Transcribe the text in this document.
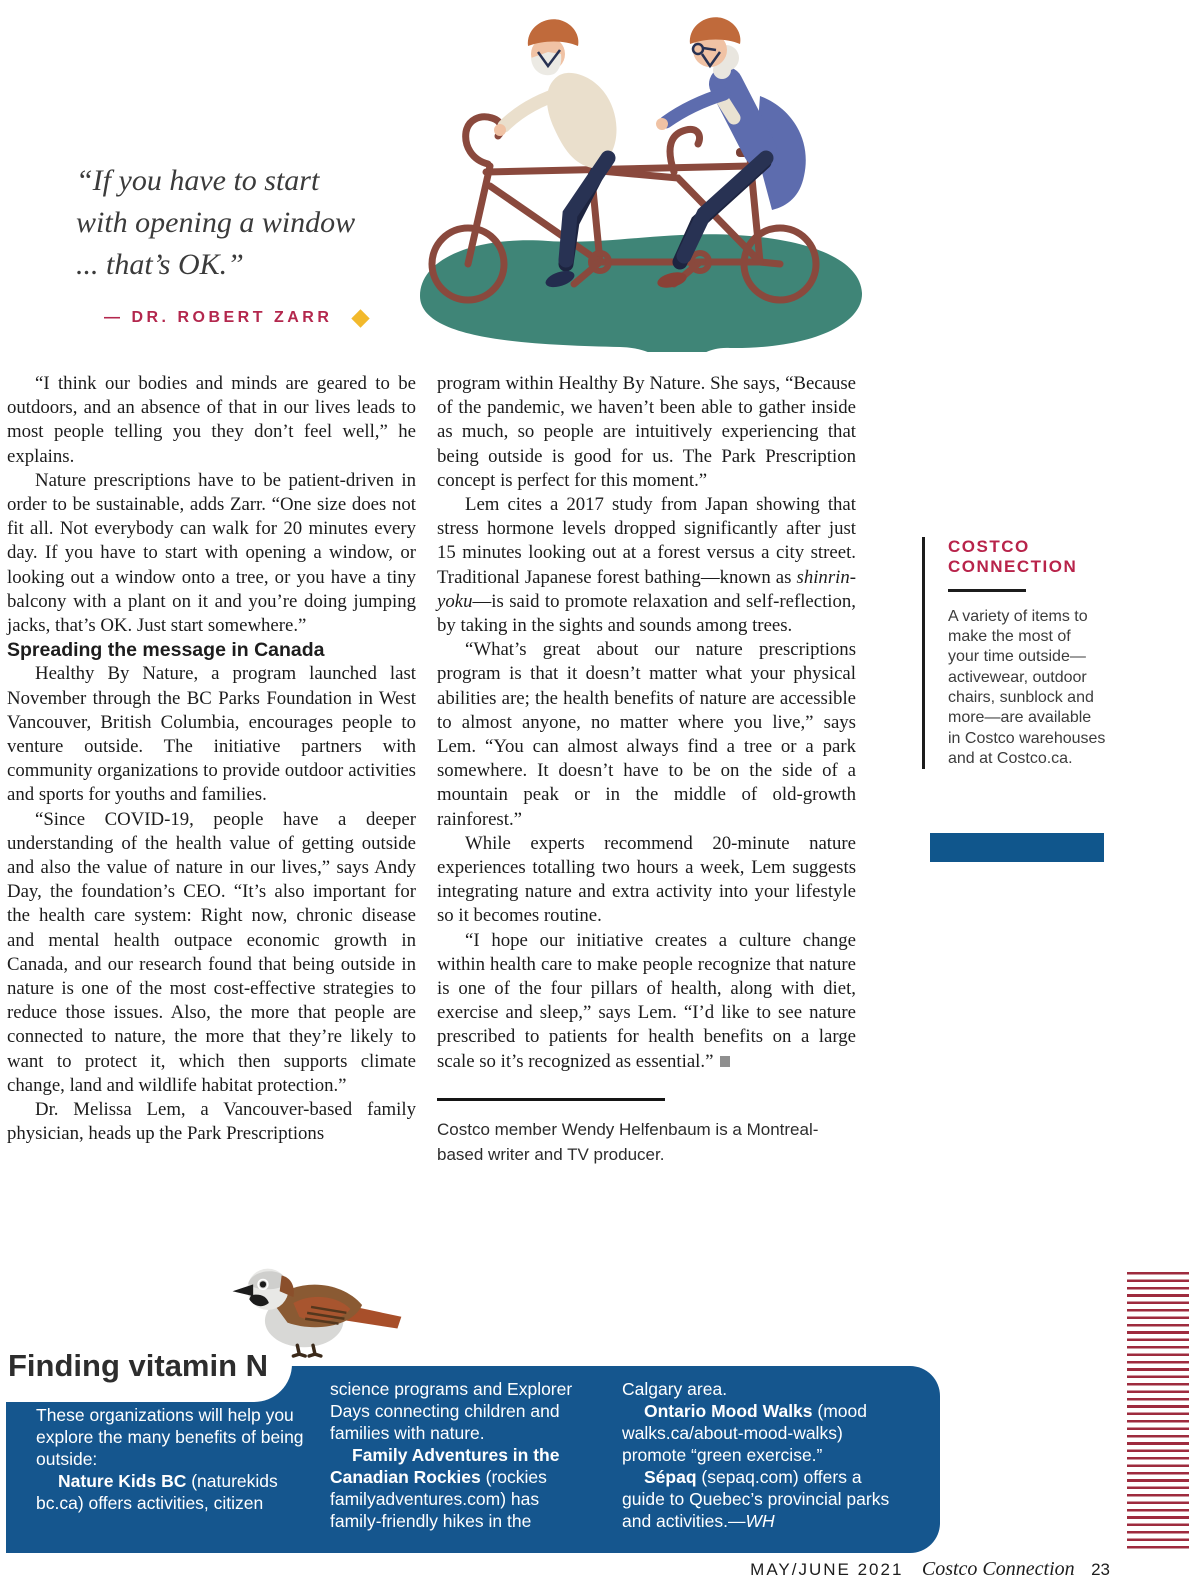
“If you have to start
with opening a window
... that’s OK.”
— DR. ROBERT ZARR

“I think our bodies and minds are geared to be outdoors, and an absence of that in our lives leads to most people telling you they don’t feel well,” he explains.

Nature prescriptions have to be patient-driven in order to be sustainable, adds Zarr. “One size does not fit all. Not everybody can walk for 20 minutes every day. If you have to start with opening a window, or looking out a window onto a tree, or you have a tiny balcony with a plant on it and you’re doing jumping jacks, that’s OK. Just start somewhere.”

Spreading the message in Canada

Healthy By Nature, a program launched last November through the BC Parks Foundation in West Vancouver, British Columbia, encourages people to venture outside. The initiative partners with community organizations to provide outdoor activities and sports for youths and families.

“Since COVID-19, people have a deeper understanding of the health value of getting outside and also the value of nature in our lives,” says Andy Day, the foundation’s CEO. “It’s also important for the health care system: Right now, chronic disease and mental health outpace economic growth in Canada, and our research found that being outside in nature is one of the most cost-effective strategies to reduce those issues. Also, the more that people are connected to nature, the more that they’re likely to want to protect it, which then supports climate change, land and wildlife habitat protection.”

Dr. Melissa Lem, a Vancouver-based family physician, heads up the Park Prescriptions

program within Healthy By Nature. She says, “Because of the pandemic, we haven’t been able to gather inside as much, so people are intuitively experiencing that being outside is good for us. The Park Prescription concept is perfect for this moment.”

Lem cites a 2017 study from Japan showing that stress hormone levels dropped significantly after just 15 minutes looking out at a forest versus a city street. Traditional Japanese forest bathing—known as shinrin-yoku—is said to promote relaxation and self-reflection, by taking in the sights and sounds among trees.

“What’s great about our nature prescriptions program is that it doesn’t matter what your physical abilities are; the health benefits of nature are accessible to almost anyone, no matter where you live,” says Lem. “You can almost always find a tree or a park somewhere. It doesn’t have to be on the side of a mountain peak or in the middle of old-growth rainforest.”

While experts recommend 20-minute nature experiences totalling two hours a week, Lem suggests integrating nature and extra activity into your lifestyle so it becomes routine.

“I hope our initiative creates a culture change within health care to make people recognize that nature is one of the four pillars of health, along with diet, exercise and sleep,” says Lem. “I’d like to see nature prescribed to patients for health benefits on a large scale so it’s recognized as essential.”

Costco member Wendy Helfenbaum is a Montreal-based writer and TV producer.

COSTCO CONNECTION
A variety of items to make the most of your time outside—activewear, outdoor chairs, sunblock and more—are available in Costco warehouses and at Costco.ca.
Finding vitamin N

These organizations will help you explore the many benefits of being outside:

Nature Kids BC (naturekids bc.ca) offers activities, citizen

science programs and Explorer Days connecting children and families with nature.

Family Adventures in the Canadian Rockies (rockies familyadventures.com) has family-friendly hikes in the

Calgary area.

Ontario Mood Walks (mood walks.ca/about-mood-walks) promote “green exercise.”

Sépaq (sepaq.com) offers a guide to Quebec’s provincial parks and activities.—WH

MAY/JUNE 2021 Costco Connection 23
